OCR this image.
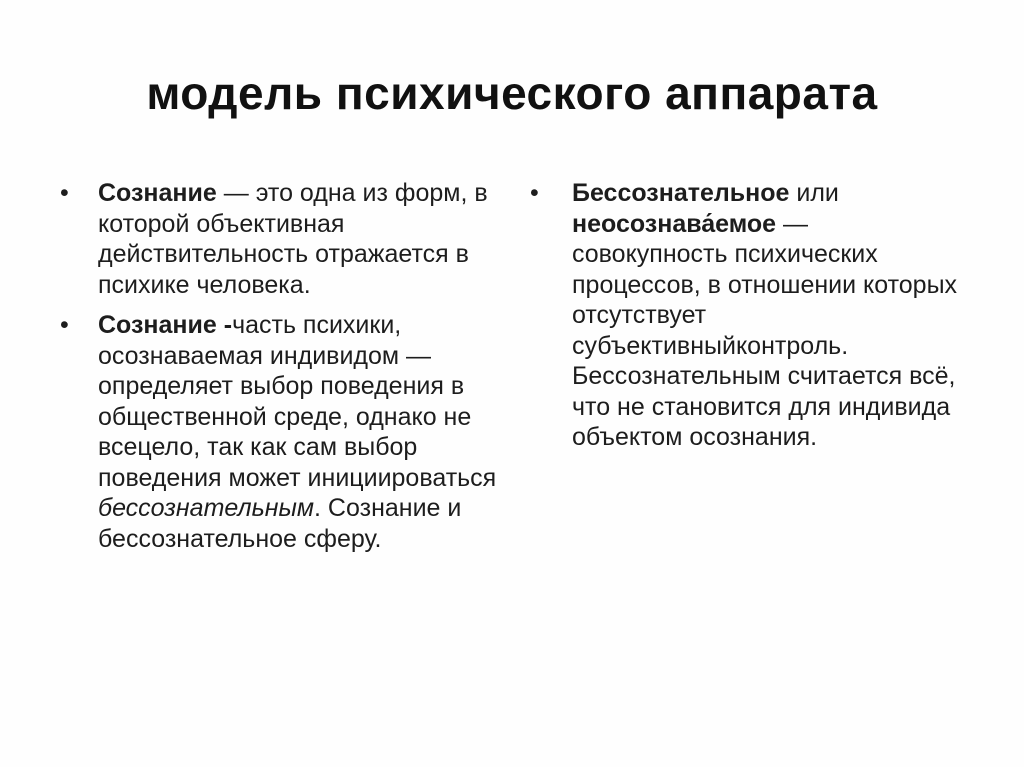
модель психического аппарата
• Сознание — это одна из форм, в которой объективная действительность отражается в психике человека.
• Сознание -часть психики, осознаваемая индивидом — определяет выбор поведения в общественной среде, однако не всецело, так как сам выбор поведения может инициироваться бессознательным. Сознание и бессознательное сферу.
• Бессознательное или неосознава́емое — совокупность психических процессов, в отношении которых отсутствует субъективныйконтроль. Бессознательным считается всё, что не становится для индивида объектом осознания.
